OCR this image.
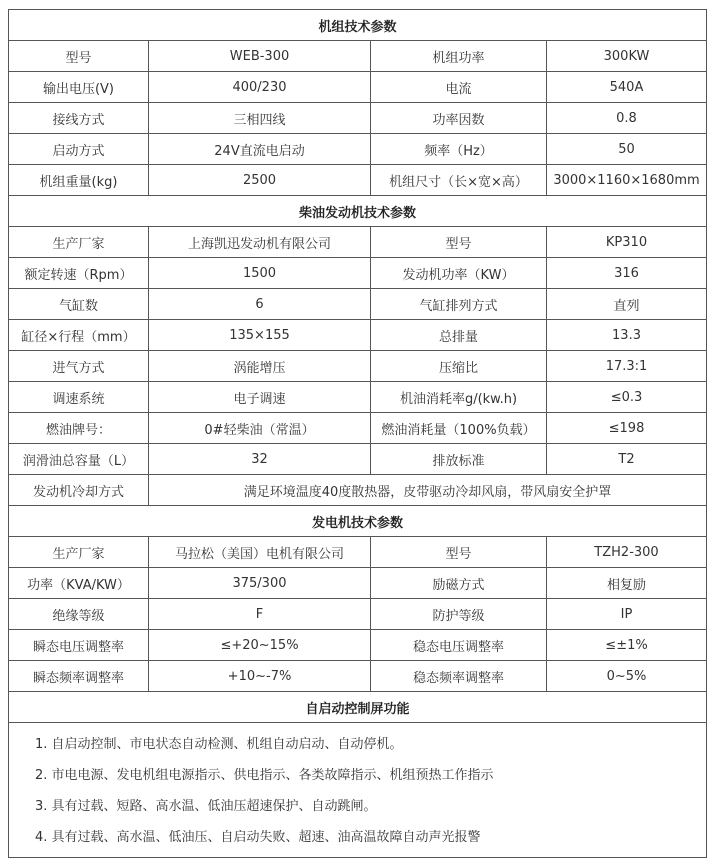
机组技术参数			
型号	WEB-300	机组功率	300KW
输出电压(V)	400/230	电流	540A
接线方式	三相四线	功率因数	0.8
启动方式	24V直流电启动	频率（Hz）	50
机组重量(kg)	2500	机组尺寸（长×宽×高）	3000×1160×1680mm
柴油发动机技术参数			
生产厂家	上海凯迅发动机有限公司	型号	KP310
额定转速（Rpm）	1500	发动机功率（KW）	316
气缸数	6	气缸排列方式	直列
缸径×行程（mm）	135×155	总排量	13.3
进气方式	涡能增压	压缩比	17.3:1
调速系统	电子调速	机油消耗率g/(kw.h)	≤0.3
燃油牌号：	0#轻柴油（常温）	燃油消耗量（100%负载）	≤198
润滑油总容量（L）	32	排放标准	T2
发动机冷却方式	满足环境温度40度散热器，皮带驱动冷却风扇，带风扇安全护罩		
发电机技术参数			
生产厂家	马拉松（美国）电机有限公司	型号	TZH2-300
功率（KVA/KW）	375/300	励磁方式	相复励
绝缘等级	F	防护等级	IP
瞬态电压调整率	≤+20~15%	稳态电压调整率	≤±1%
瞬态频率调整率	+10~-7%	稳态频率调整率	0~5%
自启动控制屏功能			

1. 自启动控制、市电状态自动检测、机组自动启动、自动停机。
2. 市电电源、发电机组电源指示、供电指示、各类故障指示、机组预热工作指示
3. 具有过载、短路、高水温、低油压超速保护、自动跳闸。
4. 具有过载、高水温、低油压、自启动失败、超速、油高温故障自动声光报警			
